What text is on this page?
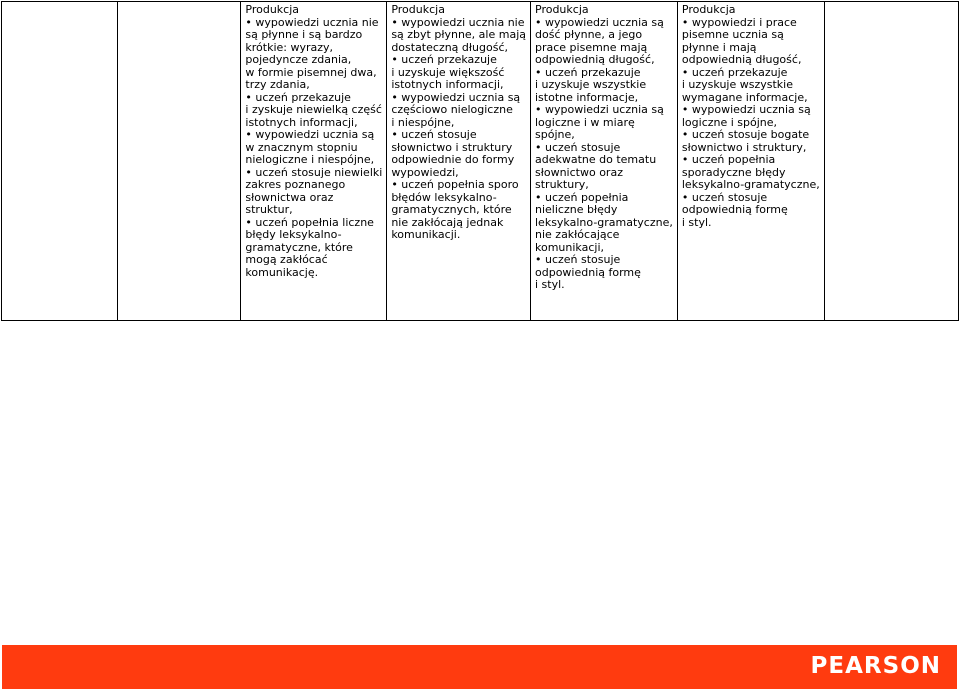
Produkcja
• wypowiedzi ucznia nie
są płynne i są bardzo
krótkie: wyrazy,
pojedyncze zdania,
w formie pisemnej dwa,
trzy zdania,
• uczeń przekazuje
i zyskuje niewielką część
istotnych informacji,
• wypowiedzi ucznia są
w znacznym stopniu
nielogiczne i niespójne,
• uczeń stosuje niewielki
zakres poznanego
słownictwa oraz
struktur,
• uczeń popełnia liczne
błędy leksykalno-
gramatyczne, które
mogą zakłócać
komunikację.

Produkcja
• wypowiedzi ucznia nie
są zbyt płynne, ale mają
dostateczną długość,
• uczeń przekazuje
i uzyskuje większość
istotnych informacji,
• wypowiedzi ucznia są
częściowo nielogiczne
i niespójne,
• uczeń stosuje
słownictwo i struktury
odpowiednie do formy
wypowiedzi,
• uczeń popełnia sporo
błędów leksykalno-
gramatycznych, które
nie zakłócają jednak
komunikacji.

Produkcja
• wypowiedzi ucznia są
dość płynne, a jego
prace pisemne mają
odpowiednią długość,
• uczeń przekazuje
i uzyskuje wszystkie
istotne informacje,
• wypowiedzi ucznia są
logiczne i w miarę
spójne,
• uczeń stosuje
adekwatne do tematu
słownictwo oraz
struktury,
• uczeń popełnia
nieliczne błędy
leksykalno-gramatyczne,
nie zakłócające
komunikacji,
• uczeń stosuje
odpowiednią formę
i styl.

Produkcja
• wypowiedzi i prace
pisemne ucznia są
płynne i mają
odpowiednią długość,
• uczeń przekazuje
i uzyskuje wszystkie
wymagane informacje,
• wypowiedzi ucznia są
logiczne i spójne,
• uczeń stosuje bogate
słownictwo i struktury,
• uczeń popełnia
sporadyczne błędy
leksykalno-gramatyczne,
• uczeń stosuje
odpowiednią formę
i styl.

PEARSON
